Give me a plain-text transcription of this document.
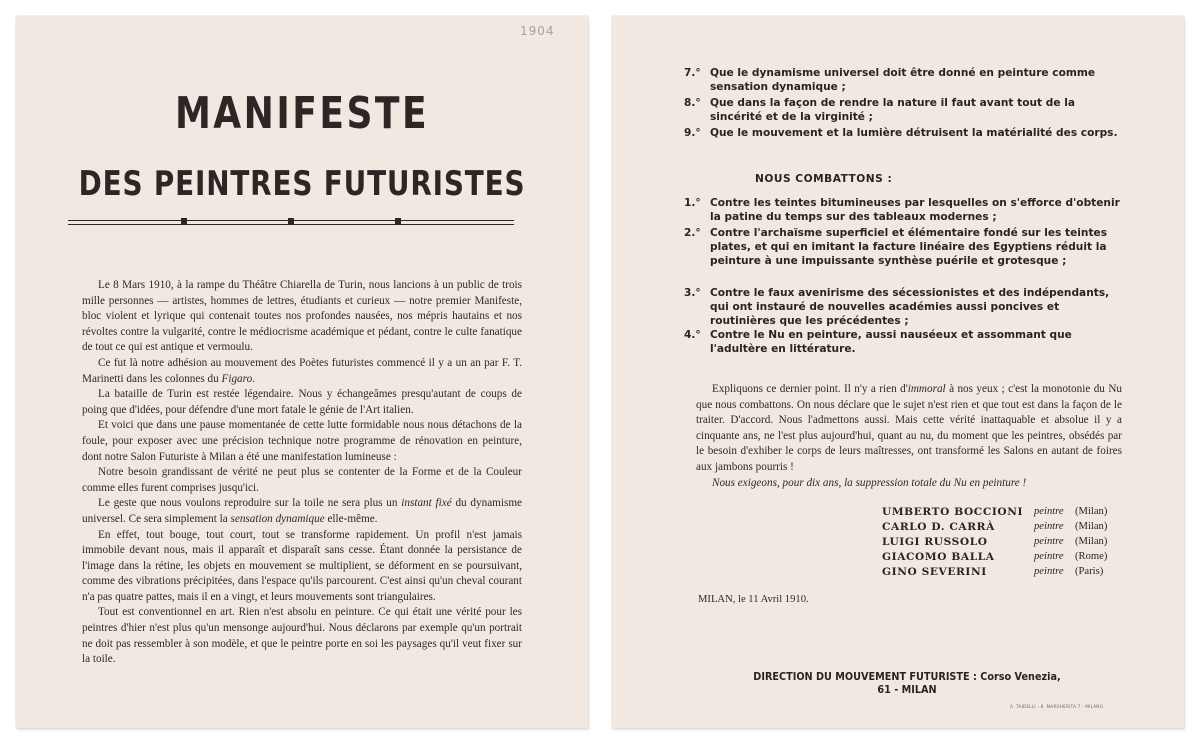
1904
MANIFESTE
DES PEINTRES FUTURISTES

Le 8 Mars 1910, à la rampe du Théâtre Chiarella de Turin, nous lancions à un public de trois mille personnes — artistes, hommes de lettres, étudiants et curieux — notre premier Manifeste, bloc violent et lyrique qui contenait toutes nos profondes nausées, nos mépris hautains et nos révoltes contre la vulgarité, contre le médiocrisme académique et pédant, contre le culte fanatique de tout ce qui est antique et vermoulu.

Ce fut là notre adhésion au mouvement des Poètes futuristes commencé il y a un an par F. T. Marinetti dans les colonnes du Figaro.

La bataille de Turin est restée légendaire. Nous y échangeâmes presqu'autant de coups de poing que d'idées, pour défendre d'une mort fatale le génie de l'Art italien.

Et voici que dans une pause momentanée de cette lutte formidable nous nous détachons de la foule, pour exposer avec une précision technique notre programme de rénovation en peinture, dont notre Salon Futuriste à Milan a été une manifestation lumineuse :

Notre besoin grandissant de vérité ne peut plus se contenter de la Forme et de la Couleur comme elles furent comprises jusqu'ici.

Le geste que nous voulons reproduire sur la toile ne sera plus un instant fixé du dynamisme universel. Ce sera simplement la sensation dynamique elle-même.

En effet, tout bouge, tout court, tout se transforme rapidement. Un profil n'est jamais immobile devant nous, mais il apparaît et disparaît sans cesse. Étant donnée la persistance de l'image dans la rétine, les objets en mouvement se multiplient, se déforment en se poursuivant, comme des vibrations précipitées, dans l'espace qu'ils parcourent. C'est ainsi qu'un cheval courant n'a pas quatre pattes, mais il en a vingt, et leurs mouvements sont triangulaires.

Tout est conventionnel en art. Rien n'est absolu en peinture. Ce qui était une vérité pour les peintres d'hier n'est plus qu'un mensonge aujourd'hui. Nous déclarons par exemple qu'un portrait ne doit pas ressembler à son modèle, et que le peintre porte en soi les paysages qu'il veut fixer sur la toile.

7.° Que le dynamisme universel doit être donné en peinture comme sensation dynamique ;
8.° Que dans la façon de rendre la nature il faut avant tout de la sincérité et de la virginité ;
9.° Que le mouvement et la lumière détruisent la matérialité des corps.
NOUS COMBATTONS :
1.° Contre les teintes bitumineuses par lesquelles on s'efforce d'obtenir la patine du temps sur des tableaux modernes ;
2.° Contre l'archaïsme superficiel et élémentaire fondé sur les teintes plates, et qui en imitant la facture linéaire des Egyptiens réduit la peinture à une impuissante synthèse puérile et grotesque ;
3.° Contre le faux avenirisme des sécessionistes et des indépendants, qui ont instauré de nouvelles académies aussi poncives et routinières que les précédentes ;
4.° Contre le Nu en peinture, aussi nauséeux et assommant que l'adultère en littérature.

Expliquons ce dernier point. Il n'y a rien d'immoral à nos yeux ; c'est la monotonie du Nu que nous combattons. On nous déclare que le sujet n'est rien et que tout est dans la façon de le traiter. D'accord. Nous l'admettons aussi. Mais cette vérité inattaquable et absolue il y a cinquante ans, ne l'est plus aujourd'hui, quant au nu, du moment que les peintres, obsédés par le besoin d'exhiber le corps de leurs maîtresses, ont transformé les Salons en autant de foires aux jambons pourris !

Nous exigeons, pour dix ans, la suppression totale du Nu en peinture !

UMBERTO BOCCIONI peintre (Milan)
CARLO D. CARRÀ	peintre (Milan)
LUIGI RUSSOLO	peintre (Milan)
GIACOMO BALLA	peintre (Rome)
GINO SEVERINI	peintre (Paris)
MILAN, le 11 Avril 1910.
DIRECTION DU MOUVEMENT FUTURISTE : Corso Venezia, 61 - MILAN
A. TAIDELLI - 8. MARGHERITA 7 - MILANO
